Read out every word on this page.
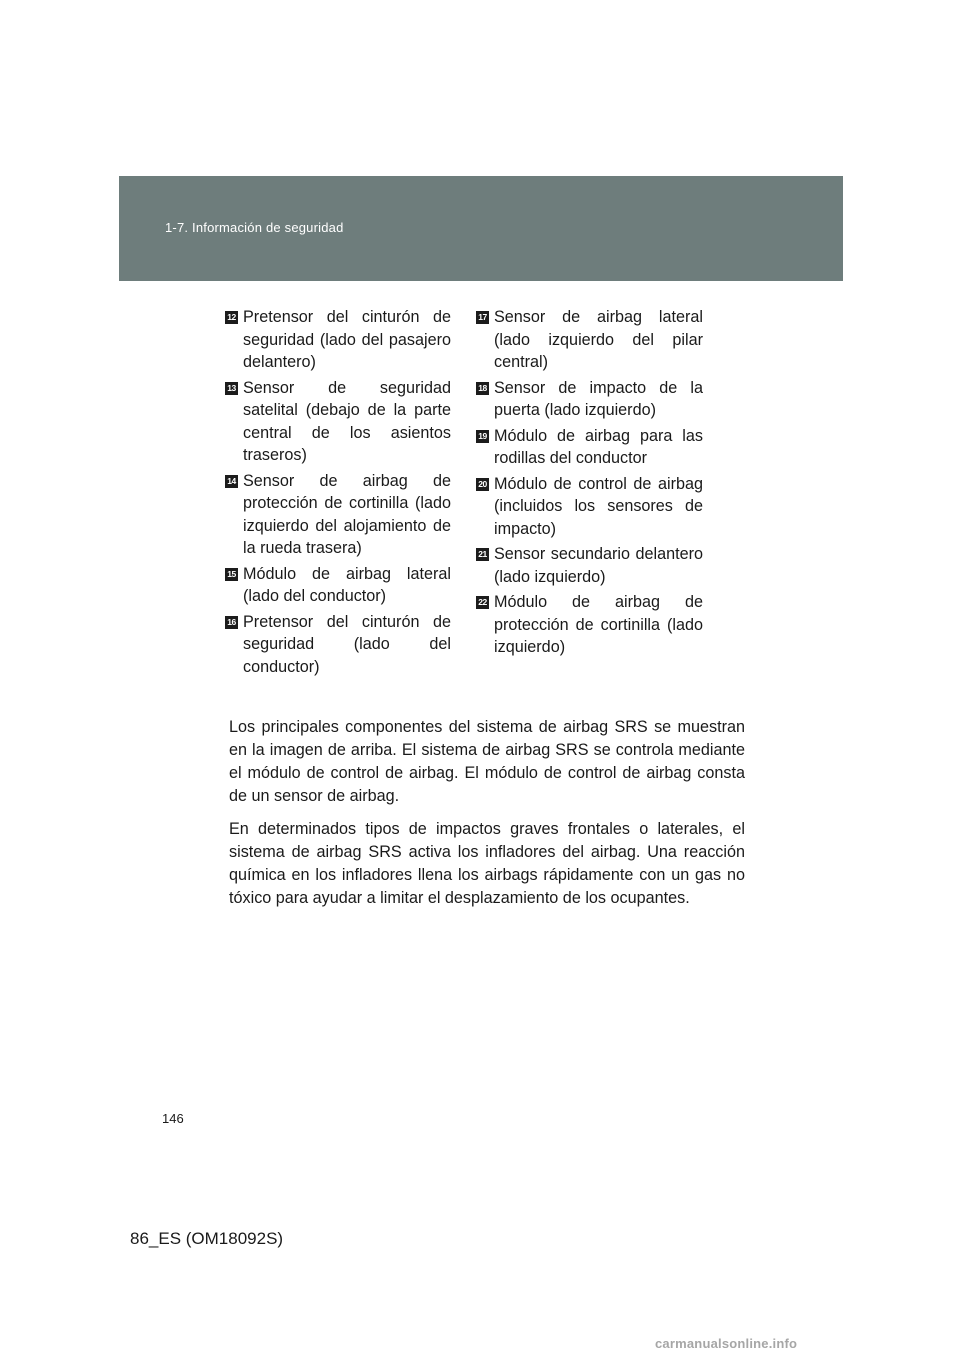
1-7. Información de seguridad
12 Pretensor del cinturón de seguridad (lado del pasajero delantero)
13 Sensor de seguridad satelital (debajo de la parte central de los asientos traseros)
14 Sensor de airbag de protección de cortinilla (lado izquierdo del alojamiento de la rueda trasera)
15 Módulo de airbag lateral (lado del conductor)
16 Pretensor del cinturón de seguridad (lado del conductor)
17 Sensor de airbag lateral (lado izquierdo del pilar central)
18 Sensor de impacto de la puerta (lado izquierdo)
19 Módulo de airbag para las rodillas del conductor
20 Módulo de control de airbag (incluidos los sensores de impacto)
21 Sensor secundario delantero (lado izquierdo)
22 Módulo de airbag de protección de cortinilla (lado izquierdo)

Los principales componentes del sistema de airbag SRS se muestran en la imagen de arriba. El sistema de airbag SRS se controla mediante el módulo de control de airbag. El módulo de control de airbag consta de un sensor de airbag.

En determinados tipos de impactos graves frontales o laterales, el sistema de airbag SRS activa los infladores del airbag. Una reacción química en los infladores llena los airbags rápidamente con un gas no tóxico para ayudar a limitar el desplazamiento de los ocupantes.

146
86_ES (OM18092S)
carmanualsonline.info
